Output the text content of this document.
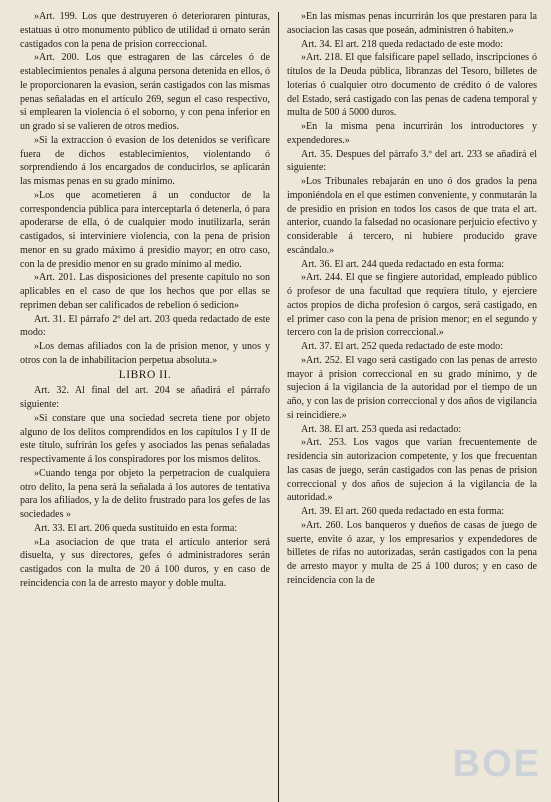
»Art. 199. Los que destruyeren ó deterioraren pinturas, estatuas ú otro monumento público de utilidad ú ornato serán castigados con la pena de prision correccional.

»Art. 200. Los que estragaren de las cárceles ó de establecimientos penales á alguna persona detenida en ellos, ó le proporcionaren la evasion, serán castigados con las mismas penas señaladas en el artículo 269, segun el caso respectivo, si emplearen la violencia ó el soborno, y con pena inferior en un grado si se valieren de otros medios.

»Si la extraccion ó evasion de los detenidos se verificare fuera de dichos establecimientos, violentando ó sorprendiendo á los encargados de conducirlos, se aplicarán las mismas penas en su grado mínimo.

»Los que acometieren á un conductor de la correspondencia pública para interceptarla ó detenerla, ó para apoderarse de ella, ó de cualquier modo inutilizarla, serán castigados, si interviniere violencia, con la pena de prision menor en su grado máximo á presidio mayor; en otro caso, con la de presidio menor en su grado mínimo al medio.

»Art. 201. Las disposiciones del presente capítulo no son aplicables en el caso de que los hechos que por ellas se reprimen deban ser calificados de rebelion ó sedicion»

Art. 31. El párrafo 2º del art. 203 queda redactado de este modo:

»Los demas afiliados con la de prision menor, y unos y otros con la de inhabilitacion perpetua absoluta.»

LIBRO II.

Art. 32. Al final del art. 204 se añadirá el párrafo siguiente:

»Si constare que una sociedad secreta tiene por objeto alguno de los delitos comprendidos en los capítulos I y II de este título, sufrirán los gefes y asociados las penas señaladas respectivamente á los conspiradores por los mismos delitos.

»Cuando tenga por objeto la perpetracion de cualquiera otro delito, la pena será la señalada á los autores de tentativa para los afiliados, y la de delito frustrado para los gefes de las sociedades »

Art. 33. El art. 206 queda sustituido en esta forma:

»La asociacion de que trata el artículo anterior será disuelta, y sus directores, gefes ó administradores serán castigados con la multa de 20 á 100 duros, y en caso de reincidencia con la de arresto mayor y doble multa.

»En las mismas penas incurrirán los que prestaren para la asociacion las casas que poseán, administren ó habiten.»

Art. 34. El art. 218 queda redactado de este modo:

»Art. 218. El que falsificare papel sellado, inscripciones ó títulos de la Deuda pública, libranzas del Tesoro, billetes de loterias ó cualquier otro documento de crédito ó de valores del Estado, será castigado con las penas de cadena temporal y multa de 500 á 5000 duros.

»En la misma pena incurrirán los introductores y expendedores.»

Art. 35. Despues del párrafo 3.º del art. 233 se añadirá el siguiente:

»Los Tribunales rebajarán en uno ó dos grados la pena imponiéndola en el que estimen conveniente, y conmutarán la de presidio en prision en todos los casos de que trata el art. anterior, cuando la falsedad no ocasionare perjuicio efectivo y considerable á tercero, ni hubiere producido grave escándalo.»

Art. 36. El art. 244 queda redactado en esta forma:

»Art. 244. El que se fingiere autoridad, empleado público ó profesor de una facultad que requiera título, y ejerciere actos propios de dicha profesion ó cargos, será castigado, en el primer caso con la pena de prision menor; en el segundo y tercero con la de prision correccional.»

Art. 37. El art. 252 queda redactado de este modo:

»Art. 252. El vago será castigado con las penas de arresto mayor á prision correccional en su grado mínimo, y de sujecion á la vigilancia de la autoridad por el tiempo de un año, y con las de prision correccional y dos años de vigilancia si reincidiere.»

Art. 38. El art. 253 queda asi redactado:

»Art. 253. Los vagos que varían frecuentemente de residencia sin autorizacion competente, y los que frecuentan las casas de juego, serán castigados con las penas de prision correccional y dos años de sujecion á la vigilancia de la autoridad.»

Art. 39. El art. 260 queda redactado en esta forma:

»Art. 260. Los banqueros y dueños de casas de juego de suerte, envite ó azar, y los empresarios y expendedores de billetes de rifas no autorizadas, serán castigados con la pena de arresto mayor y multa de 25 á 100 duros; y en caso de reincidencia con la de

BOE
